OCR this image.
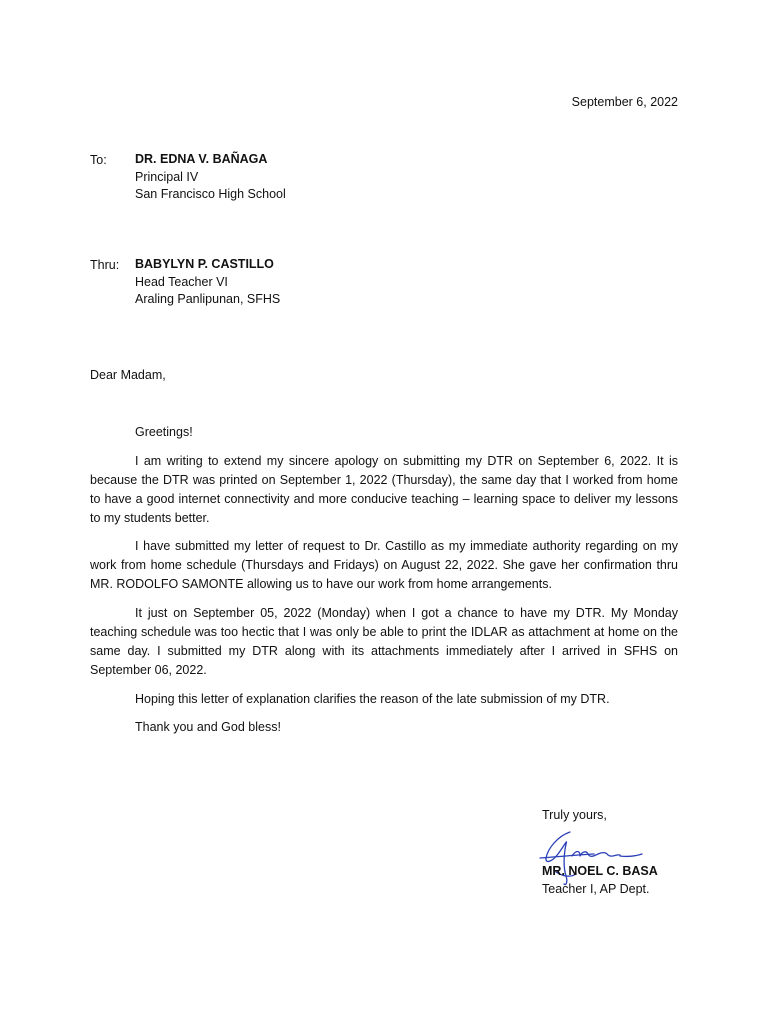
September 6, 2022
To: DR. EDNA V. BAÑAGA
Principal IV
San Francisco High School
Thru: BABYLYN P. CASTILLO
Head Teacher VI
Araling Panlipunan, SFHS
Dear Madam,
Greetings!
I am writing to extend my sincere apology on submitting my DTR on September 6, 2022. It is because the DTR was printed on September 1, 2022 (Thursday), the same day that I worked from home to have a good internet connectivity and more conducive teaching – learning space to deliver my lessons to my students better.
I have submitted my letter of request to Dr. Castillo as my immediate authority regarding on my work from home schedule (Thursdays and Fridays) on August 22, 2022. She gave her confirmation thru MR. RODOLFO SAMONTE allowing us to have our work from home arrangements.
It just on September 05, 2022 (Monday) when I got a chance to have my DTR. My Monday teaching schedule was too hectic that I was only be able to print the IDLAR as attachment at home on the same day. I submitted my DTR along with its attachments immediately after I arrived in SFHS on September 06, 2022.
Hoping this letter of explanation clarifies the reason of the late submission of my DTR.
Thank you and God bless!
Truly yours,
MR. NOEL C. BASA
Teacher I, AP Dept.
